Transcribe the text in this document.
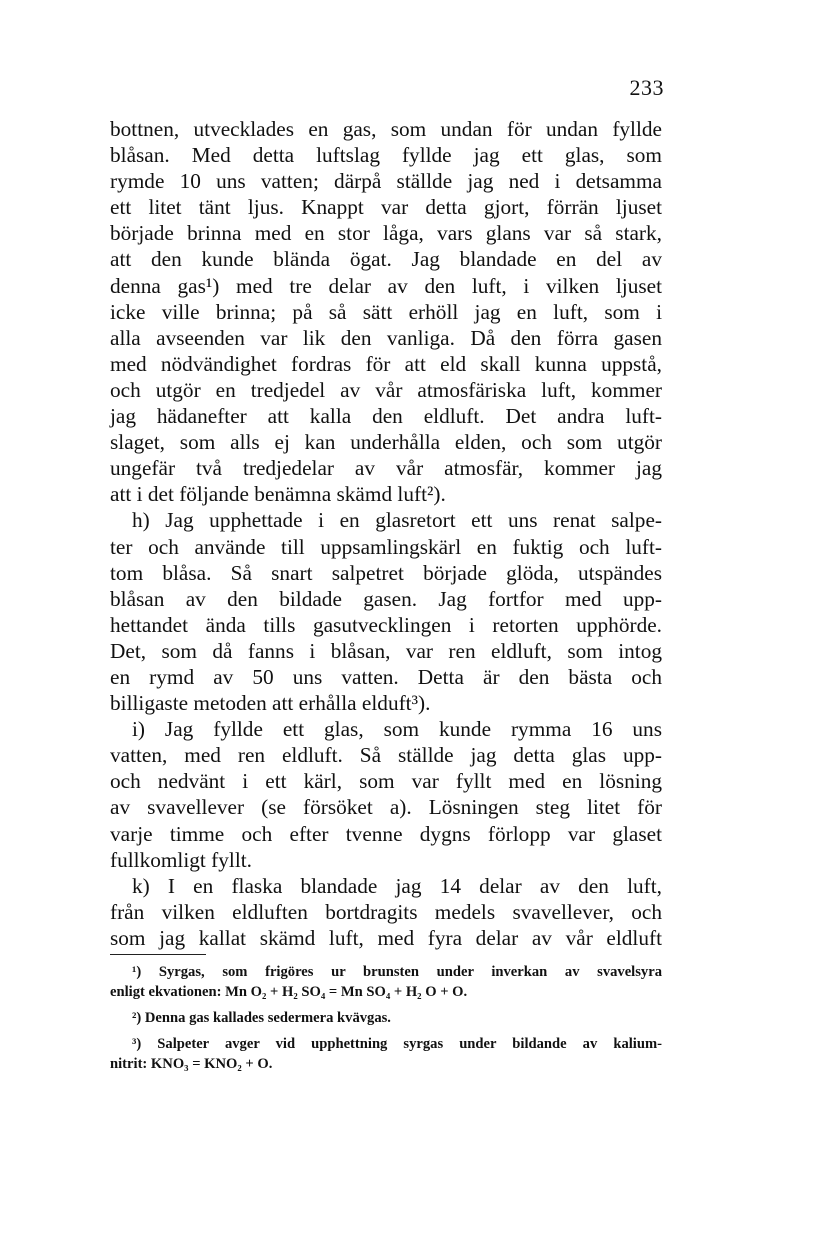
233
bottnen, utvecklades en gas, som undan för undan fyllde
blåsan. Med detta luftslag fyllde jag ett glas, som
rymde 10 uns vatten; därpå ställde jag ned i detsamma
ett litet tänt ljus. Knappt var detta gjort, förrän ljuset
började brinna med en stor låga, vars glans var så stark,
att den kunde blända ögat. Jag blandade en del av
denna gas¹) med tre delar av den luft, i vilken ljuset
icke ville brinna; på så sätt erhöll jag en luft, som i
alla avseenden var lik den vanliga. Då den förra gasen
med nödvändighet fordras för att eld skall kunna uppstå,
och utgör en tredjedel av vår atmosfäriska luft, kommer
jag hädanefter att kalla den eldluft. Det andra luft-
slaget, som alls ej kan underhålla elden, och som utgör
ungefär två tredjedelar av vår atmosfär, kommer jag
att i det följande benämna skämd luft²).
h) Jag upphettade i en glasretort ett uns renat salpe-
ter och använde till uppsamlingskärl en fuktig och luft-
tom blåsa. Så snart salpetret började glöda, utspändes
blåsan av den bildade gasen. Jag fortfor med upp-
hettandet ända tills gasutvecklingen i retorten upphörde.
Det, som då fanns i blåsan, var ren eldluft, som intog
en rymd av 50 uns vatten. Detta är den bästa och
billigaste metoden att erhålla elduft³).
i) Jag fyllde ett glas, som kunde rymma 16 uns
vatten, med ren eldluft. Så ställde jag detta glas upp-
och nedvänt i ett kärl, som var fyllt med en lösning
av svavellever (se försöket a). Lösningen steg litet för
varje timme och efter tvenne dygns förlopp var glaset
fullkomligt fyllt.
k) I en flaska blandade jag 14 delar av den luft,
från vilken eldluften bortdragits medels svavellever, och
som jag kallat skämd luft, med fyra delar av vår eldluft
¹) Syrgas, som frigöres ur brunsten under inverkan av svavelsyra
enligt ekvationen: Mn O₂ + H₂ SO₄ = Mn SO₄ + H₂ O + O.
²) Denna gas kallades sedermera kvävgas.
³) Salpeter avger vid upphettning syrgas under bildande av kalium-
nitrit: KNO₃ = KNO₂ + O.
